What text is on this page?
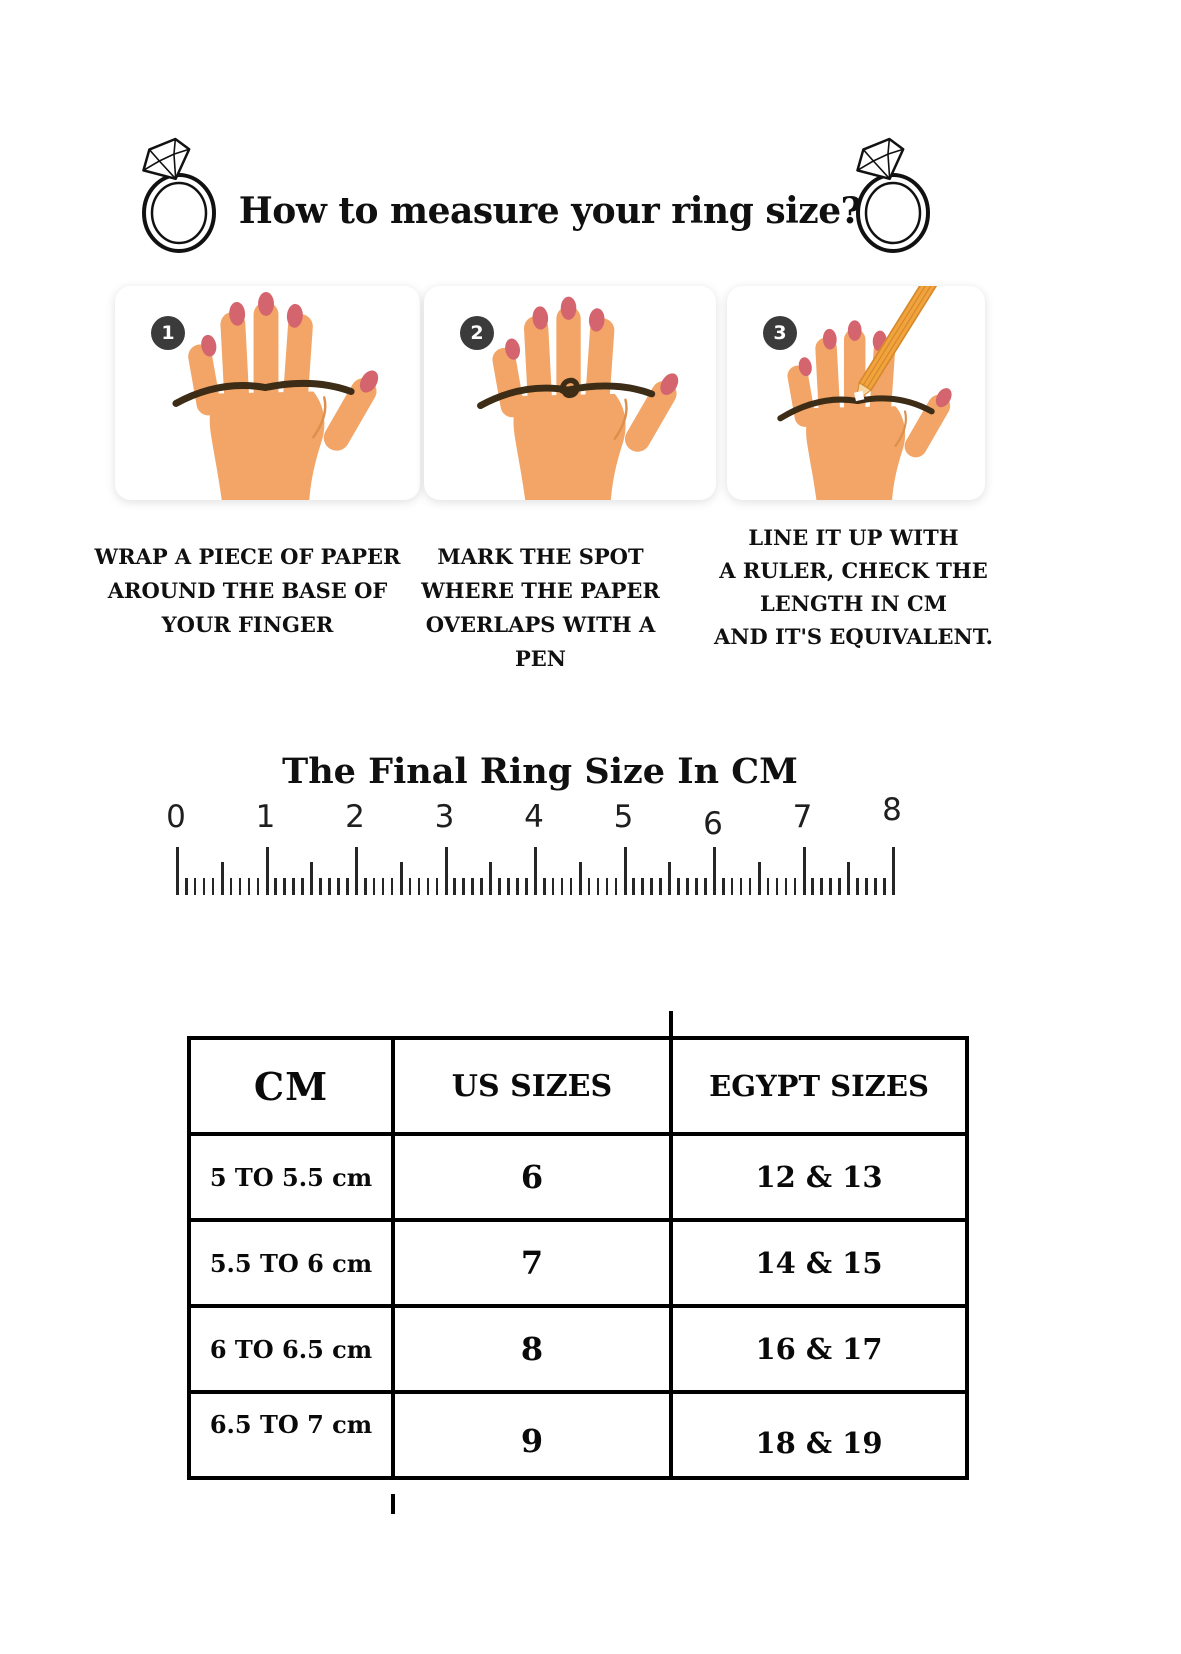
How to measure your ring size?
1	2	3
WRAP A PIECE OF PAPER
AROUND THE BASE OF
YOUR FINGER
MARK THE SPOT
WHERE THE PAPER
OVERLAPS WITH A PEN
LINE IT UP WITH
A RULER, CHECK THE
LENGTH IN CM
AND IT'S EQUIVALENT.
The Final Ring Size In CM
0 1 2 3 4 5 6 7 8
CM	US SIZES	EGYPT SIZES
5 TO 5.5 cm	6	12 & 13
5.5 TO 6 cm	7	14 & 15
6 TO 6.5 cm	8	16 & 17
6.5 TO 7 cm	9	18 & 19
